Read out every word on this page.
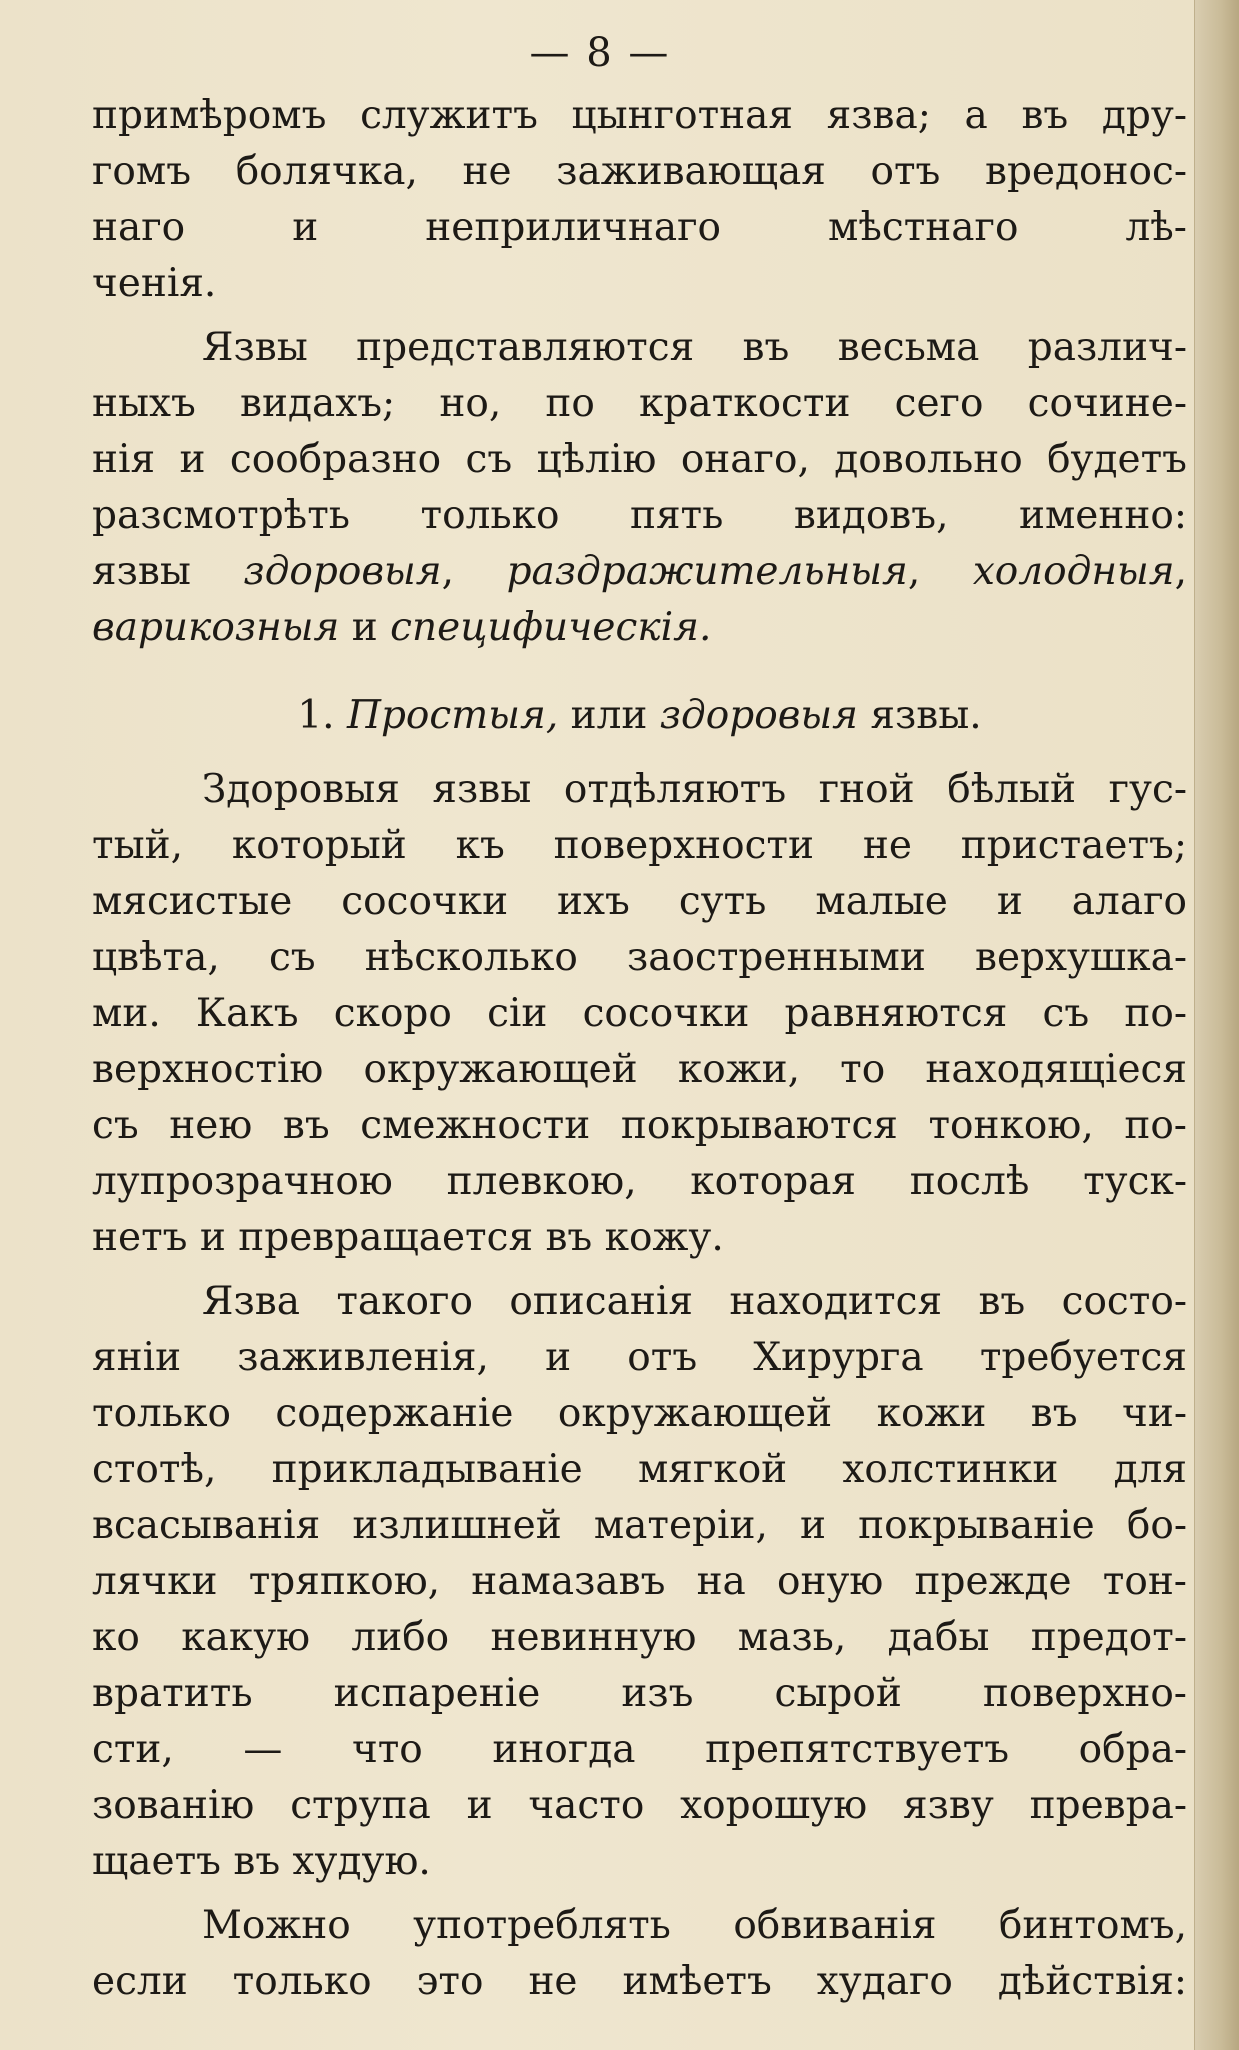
— 8 —
примѣромъ служитъ цынготная язва; а въ дру-
гомъ болячка, не заживающая отъ вредонос-
наго и неприличнаго мѣстнаго лѣ-
ченія.
Язвы представляются въ весьма различ-
ныхъ видахъ; но, по краткости сего сочине-
нія и сообразно съ цѣлію онаго, довольно будетъ
разсмотрѣть только пять видовъ, именно:
язвы здоровыя, раздражительныя, холодныя,
варикозныя и специфическія.
1. Простыя, или здоровыя язвы.
Здоровыя язвы отдѣляютъ гной бѣлый гус-
тый, который къ поверхности не пристаетъ;
мясистые сосочки ихъ суть малые и алаго
цвѣта, съ нѣсколько заостренными верхушка-
ми. Какъ скоро сіи сосочки равняются съ по-
верхностію окружающей кожи, то находящіеся
съ нею въ смежности покрываются тонкою, по-
лупрозрачною плевкою, которая послѣ туск-
нетъ и превращается въ кожу.
Язва такого описанія находится въ состо-
яніи заживленія, и отъ Хирурга требуется
только содержаніе окружающей кожи въ чи-
стотѣ, прикладываніе мягкой холстинки для
всасыванія излишней матеріи, и покрываніе бо-
лячки тряпкою, намазавъ на оную прежде тон-
ко какую либо невинную мазь, дабы предот-
вратить испареніе изъ сырой поверхно-
сти, — что иногда препятствуетъ обра-
зованію струпа и часто хорошую язву превра-
щаетъ въ худую.
Можно употреблять обвиванія бинтомъ,
если только это не имѣетъ худаго дѣйствія:
